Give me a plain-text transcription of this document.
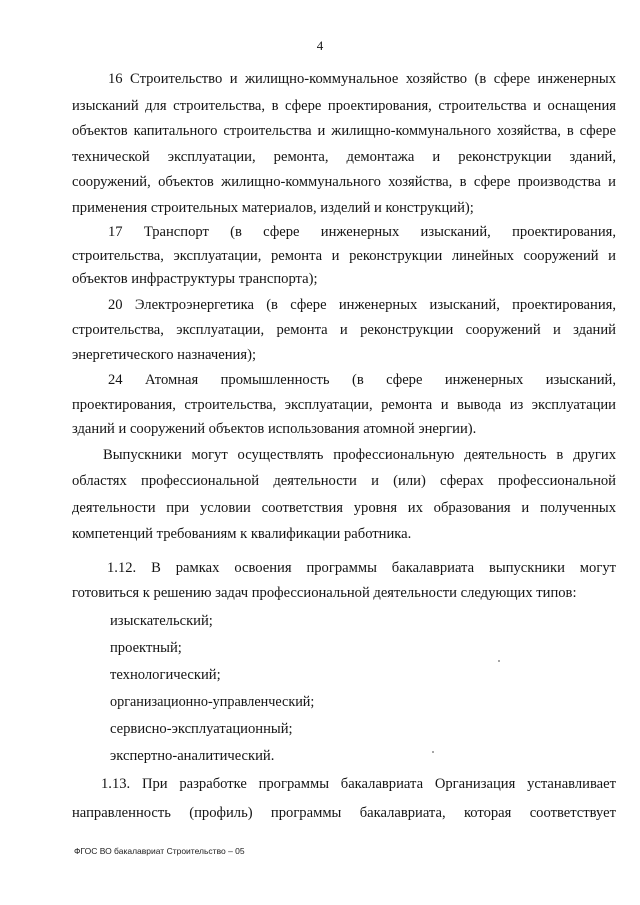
4
16 Строительство и жилищно-коммунальное хозяйство (в сфере инженерных
изысканий для строительства, в сфере проектирования, строительства и оснащения
объектов капитального строительства и жилищно-коммунального хозяйства, в сфере
технической эксплуатации, ремонта, демонтажа и реконструкции зданий,
сооружений, объектов жилищно-коммунального хозяйства, в сфере производства и
применения строительных материалов, изделий и конструкций);
17 Транспорт (в сфере инженерных изысканий, проектирования,
строительства, эксплуатации, ремонта и реконструкции линейных сооружений и
объектов инфраструктуры транспорта);
20 Электроэнергетика (в сфере инженерных изысканий, проектирования,
строительства, эксплуатации, ремонта и реконструкции сооружений и зданий
энергетического назначения);
24 Атомная промышленность (в сфере инженерных изысканий,
проектирования, строительства, эксплуатации, ремонта и вывода из эксплуатации
зданий и сооружений объектов использования атомной энергии).
Выпускники могут осуществлять профессиональную деятельность в других
областях профессиональной деятельности и (или) сферах профессиональной
деятельности при условии соответствия уровня их образования и полученных
компетенций требованиям к квалификации работника.
1.12. В рамках освоения программы бакалавриата выпускники могут
готовиться к решению задач профессиональной деятельности следующих типов:
изыскательский;
проектный;
технологический;
организационно-управленческий;
сервисно-эксплуатационный;
экспертно-аналитический.
1.13. При разработке программы бакалавриата Организация устанавливает
направленность (профиль) программы бакалавриата, которая соответствует
ФГОС ВО бакалавриат Строительство – 05
